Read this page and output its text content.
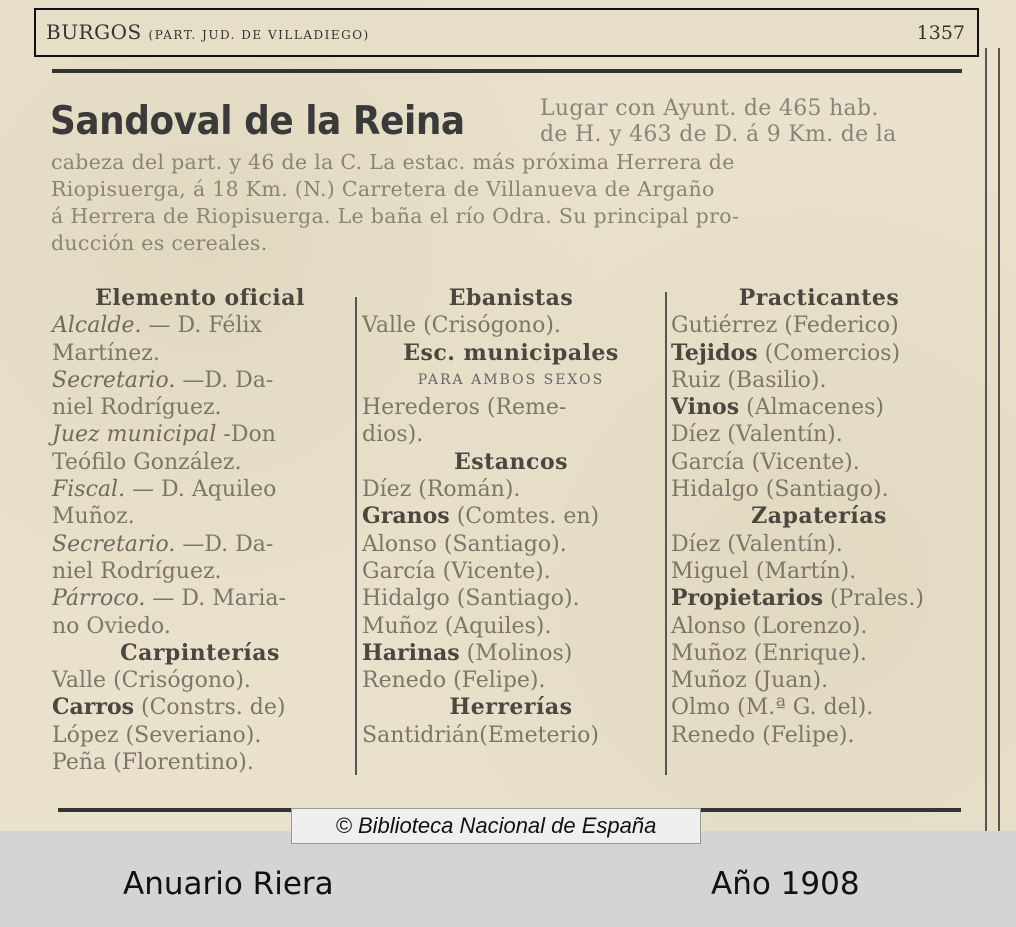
BURGOS (PART. JUD. DE VILLADIEGO)	1357
Sandoval de la Reina	Lugar con Ayunt. de 465 hab.
de H. y 463 de D. á 9 Km. de la
cabeza del part. y 46 de la C. La estac. más próxima Herrera de
Riopisuerga, á 18 Km. (N.) Carretera de Villanueva de Argaño
á Herrera de Riopisuerga. Le baña el río Odra. Su principal pro-
ducción es cereales.
Elemento oficial
Alcalde. — D. Félix
Martínez.
Secretario. —D. Da-
niel Rodríguez.
Juez municipal -Don
Teófilo González.
Fiscal. — D. Aquileo
Muñoz.
Secretario. —D. Da-
niel Rodríguez.
Párroco. — D. Maria-
no Oviedo.
Carpinterías
Valle (Crisógono).
Carros (Constrs. de)
López (Severiano).
Peña (Florentino).
Ebanistas
Valle (Crisógono).
Esc. municipales
PARA AMBOS SEXOS
Herederos (Reme-
dios).
Estancos
Díez (Román).
Granos (Comtes. en)
Alonso (Santiago).
García (Vicente).
Hidalgo (Santiago).
Muñoz (Aquiles).
Harinas (Molinos)
Renedo (Felipe).
Herrerías
Santidrián(Emeterio)
Practicantes
Gutiérrez (Federico)
Tejidos (Comercios)
Ruiz (Basilio).
Vinos (Almacenes)
Díez (Valentín).
García (Vicente).
Hidalgo (Santiago).
Zapaterías
Díez (Valentín).
Miguel (Martín).
Propietarios (Prales.)
Alonso (Lorenzo).
Muñoz (Enrique).
Muñoz (Juan).
Olmo (M.ª G. del).
Renedo (Felipe).
© Biblioteca Nacional de España
Anuario Riera	Año 1908
